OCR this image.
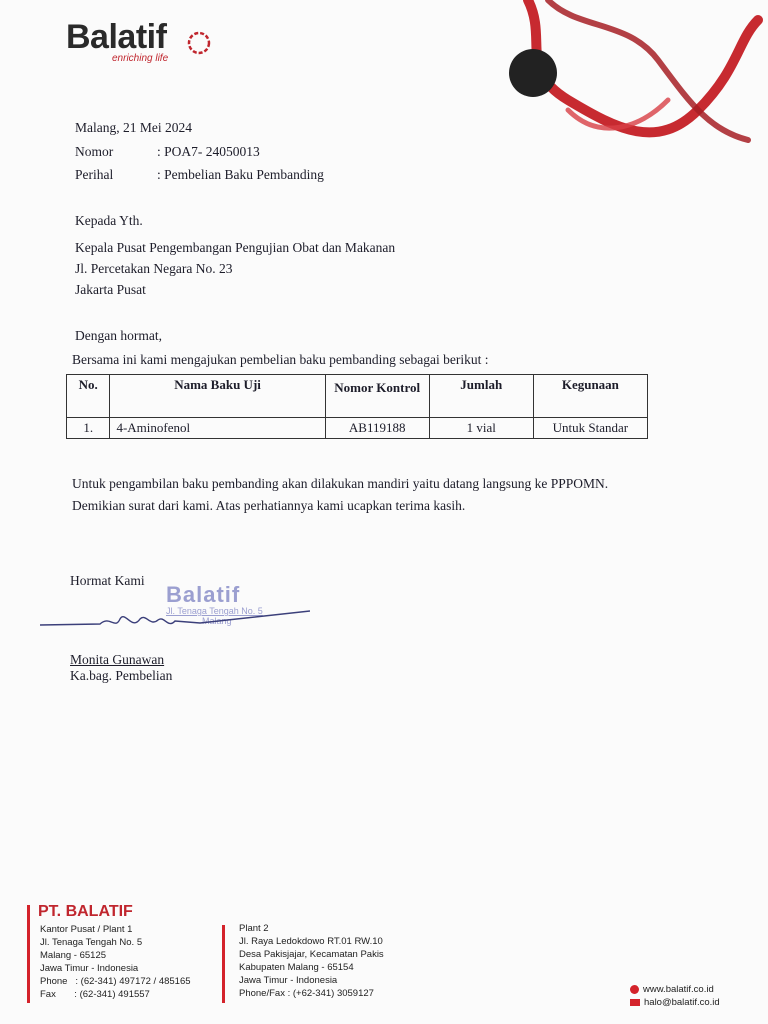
Balatif
enriching life
Malang, 21 Mei 2024
Nomor	: POA7- 24050013
Perihal	: Pembelian Baku Pembanding
Kepada Yth.
Kepala Pusat Pengembangan Pengujian Obat dan Makanan
Jl. Percetakan Negara No. 23
Jakarta Pusat
Dengan hormat,
Bersama ini kami mengajukan pembelian baku pembanding sebagai berikut :
No.	Nama Baku Uji	Nomor Kontrol	Jumlah	Kegunaan
1.	4-Aminofenol	AB119188	1 vial	Untuk Standar
Untuk pengambilan baku pembanding akan dilakukan mandiri yaitu datang langsung ke PPPOMN.
Demikian surat dari kami. Atas perhatiannya kami ucapkan terima kasih.
Hormat Kami
Balatif
Jl. Tenaga Tengah No. 5
Malang
Monita Gunawan
Ka.bag. Pembelian
PT. BALATIF
Kantor Pusat / Plant 1
Jl. Tenaga Tengah No. 5
Malang - 65125
Jawa Timur - Indonesia
Phone   : (62-341) 497172 / 485165
Fax       : (62-341) 491557
Plant 2
Jl. Raya Ledokdowo RT.01 RW.10
Desa Pakisjajar, Kecamatan Pakis
Kabupaten Malang - 65154
Jawa Timur - Indonesia
Phone/Fax : (+62-341) 3059127	www.balatif.co.id
halo@balatif.co.id
